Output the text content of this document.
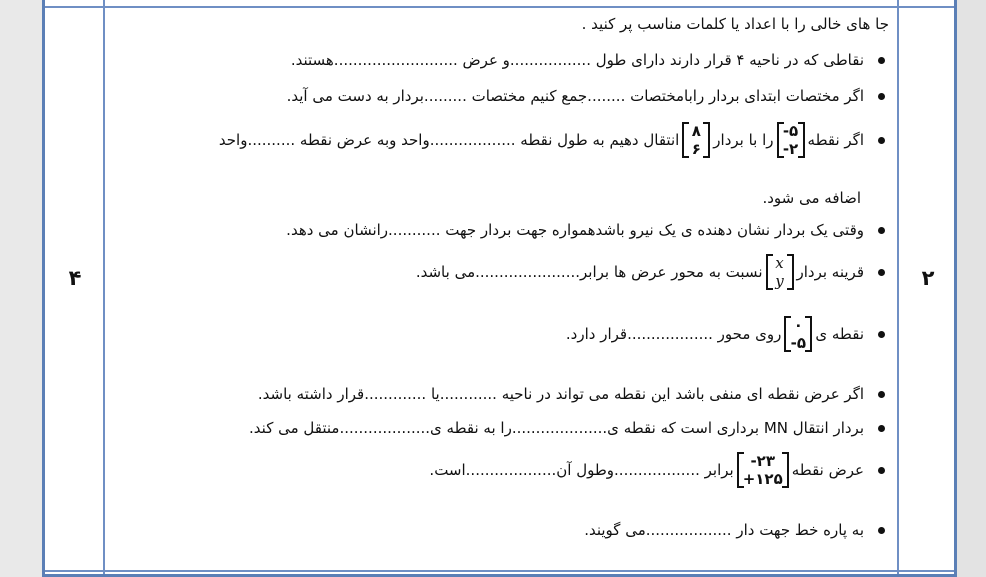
۴	۲
جا های خالی را با اعداد یا کلمات مناسب پر کنید .
نقاطی که در ناحیه ۴ قرار دارند دارای طول .................و عرض ..........................هستند.
اگر مختصات ابتدای بردار رابامختصات ........جمع کنیم مختصات .........بردار به دست می آید.
اگر نقطه
-۵
-۲
را با بردار
۸
۶
انتقال دهیم به طول نقطه ..................واحد وبه عرض نقطه ..........واحد
اضافه می شود.
وقتی یک بردار نشان دهنده ی یک نیرو باشدهمواره جهت بردار جهت ...........رانشان می دهد.
قرینه بردار
x
y
نسبت به محور عرض ها برابر......................می باشد.
نقطه ی
۰
-۵
روی محور ..................قرار دارد.
اگر عرض نقطه ای منفی باشد این نقطه می تواند در ناحیه ............یا .............قرار داشته باشد.
بردار انتقال MN برداری است که نقطه ی....................را به نقطه ی...................منتقل می کند.
عرض نقطه
-۲۳
+۱۲۵
برابر ..................وطول آن...................است.
به پاره خط جهت دار ..................می گویند.
